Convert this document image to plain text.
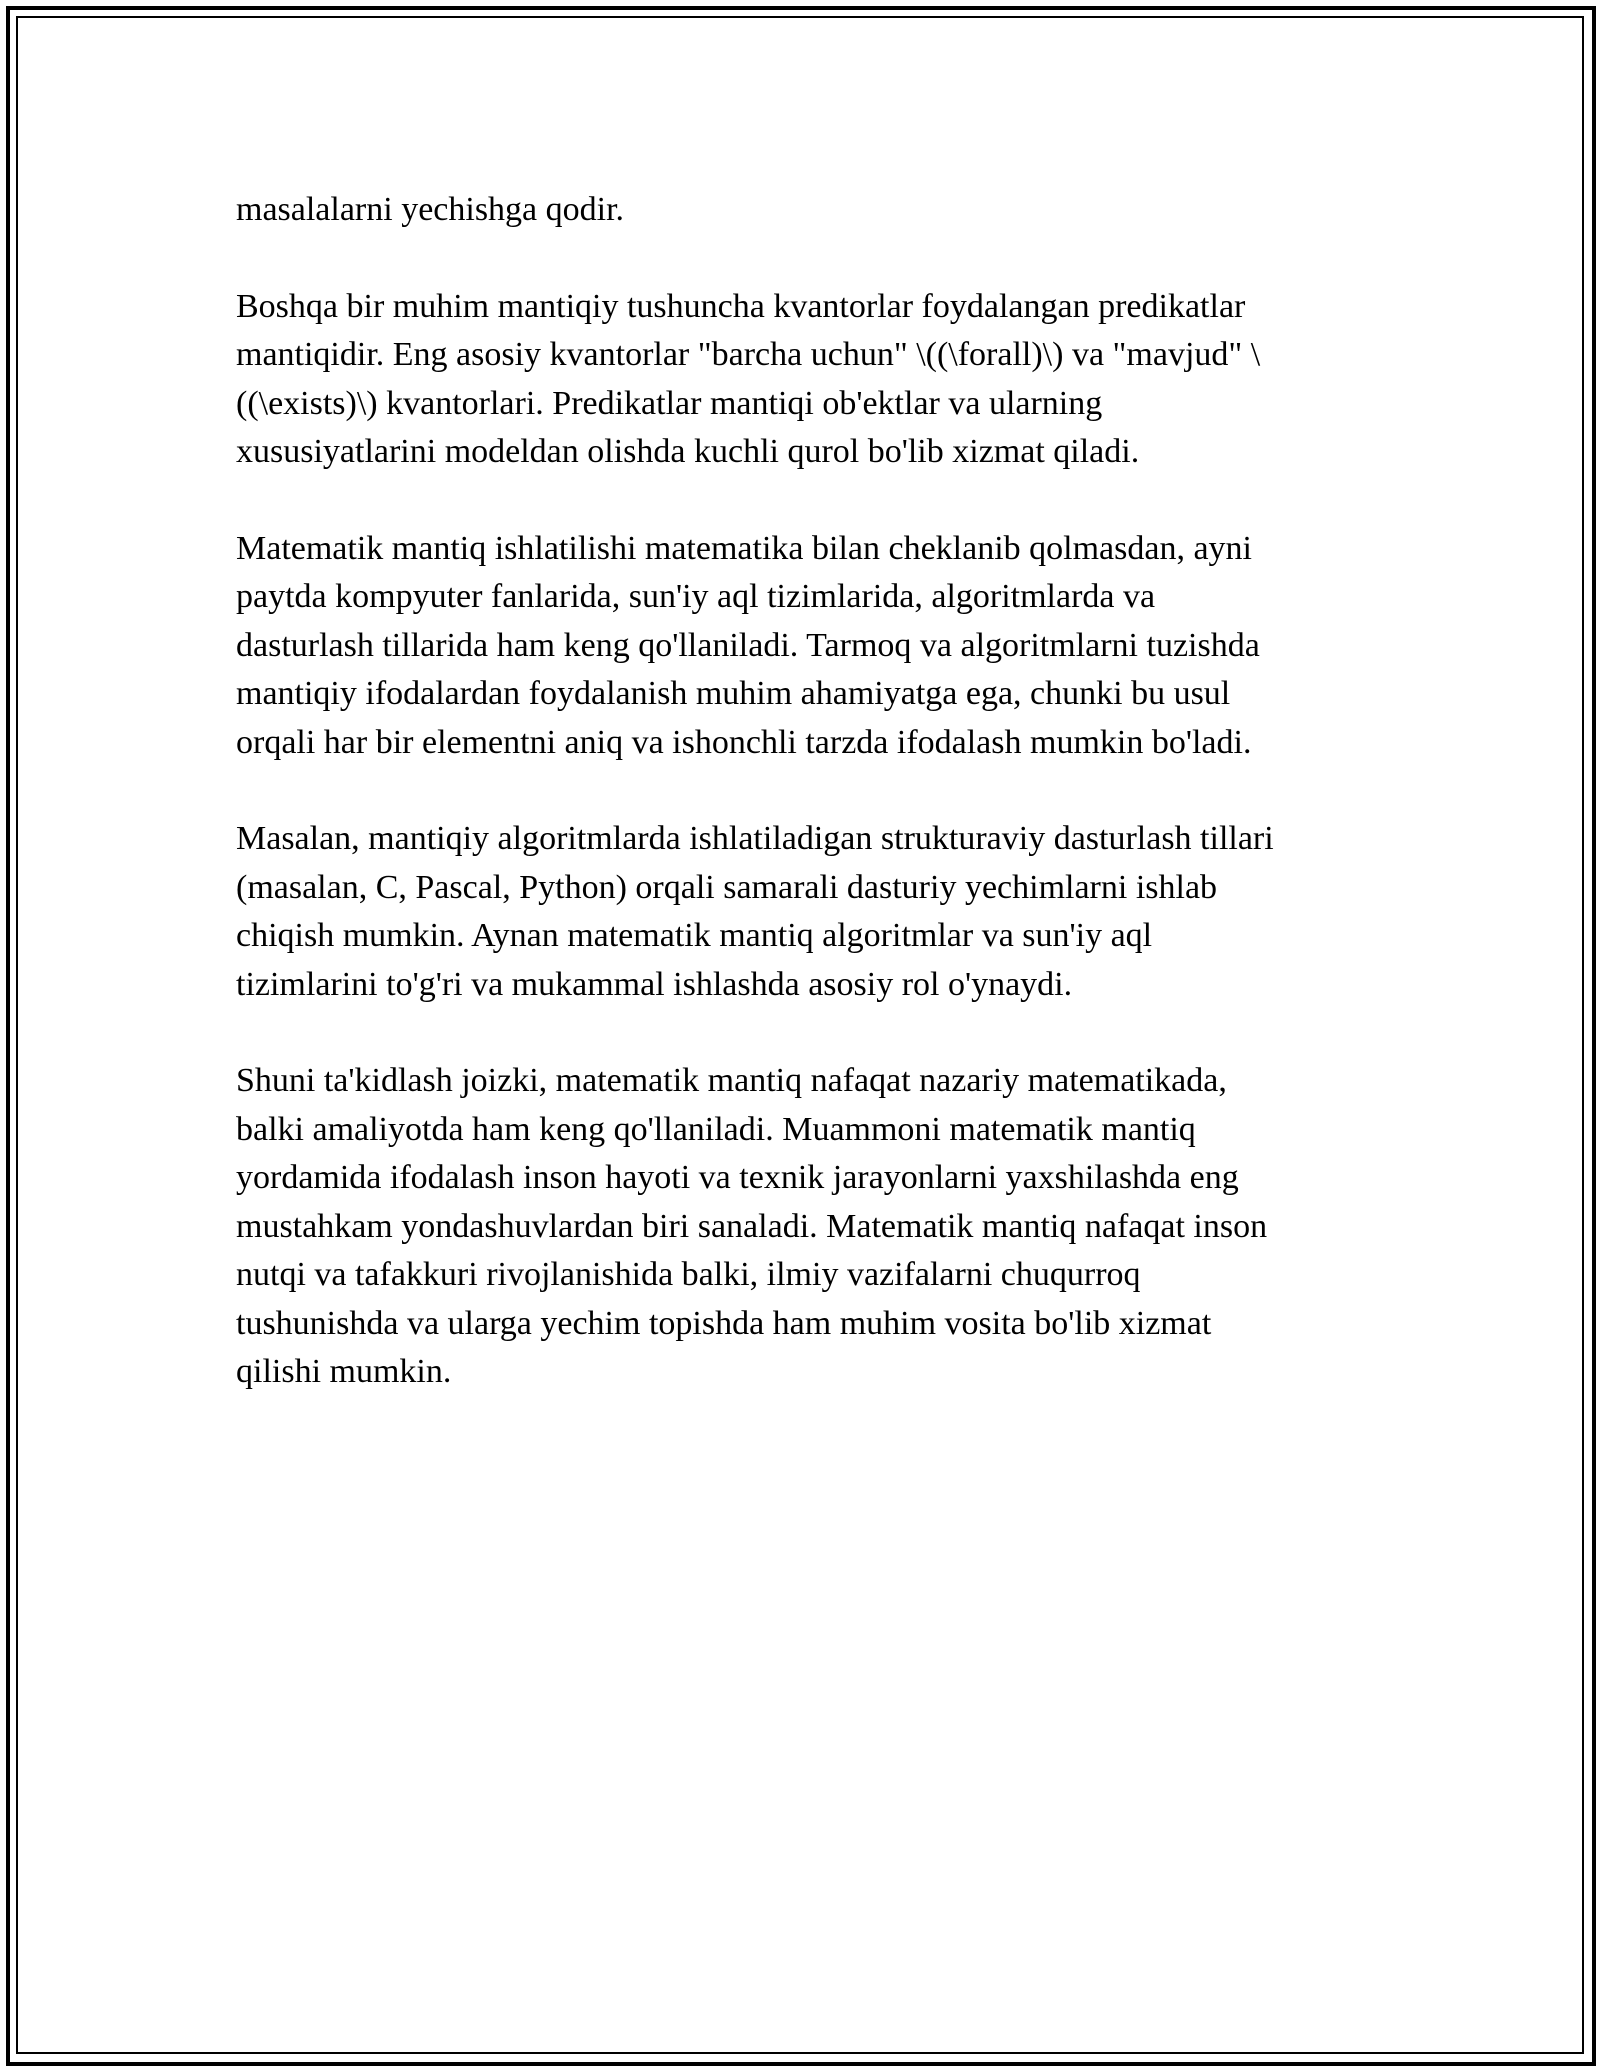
masalalarni yechishga qodir.

Boshqa bir muhim mantiqiy tushuncha kvantorlar foydalangan predikatlar
mantiqidir. Eng asosiy kvantorlar "barcha uchun" \((\forall)\) va "mavjud" \
((\exists)\) kvantorlari. Predikatlar mantiqi ob'ektlar va ularning
xususiyatlarini modeldan olishda kuchli qurol bo'lib xizmat qiladi.

Matematik mantiq ishlatilishi matematika bilan cheklanib qolmasdan, ayni
paytda kompyuter fanlarida, sun'iy aql tizimlarida, algoritmlarda va
dasturlash tillarida ham keng qo'llaniladi. Tarmoq va algoritmlarni tuzishda
mantiqiy ifodalardan foydalanish muhim ahamiyatga ega, chunki bu usul
orqali har bir elementni aniq va ishonchli tarzda ifodalash mumkin bo'ladi.

Masalan, mantiqiy algoritmlarda ishlatiladigan strukturaviy dasturlash tillari
(masalan, C, Pascal, Python) orqali samarali dasturiy yechimlarni ishlab
chiqish mumkin. Aynan matematik mantiq algoritmlar va sun'iy aql
tizimlarini to'g'ri va mukammal ishlashda asosiy rol o'ynaydi.

Shuni ta'kidlash joizki, matematik mantiq nafaqat nazariy matematikada,
balki amaliyotda ham keng qo'llaniladi. Muammoni matematik mantiq
yordamida ifodalash inson hayoti va texnik jarayonlarni yaxshilashda eng
mustahkam yondashuvlardan biri sanaladi. Matematik mantiq nafaqat inson
nutqi va tafakkuri rivojlanishida balki, ilmiy vazifalarni chuqurroq
tushunishda va ularga yechim topishda ham muhim vosita bo'lib xizmat
qilishi mumkin.
